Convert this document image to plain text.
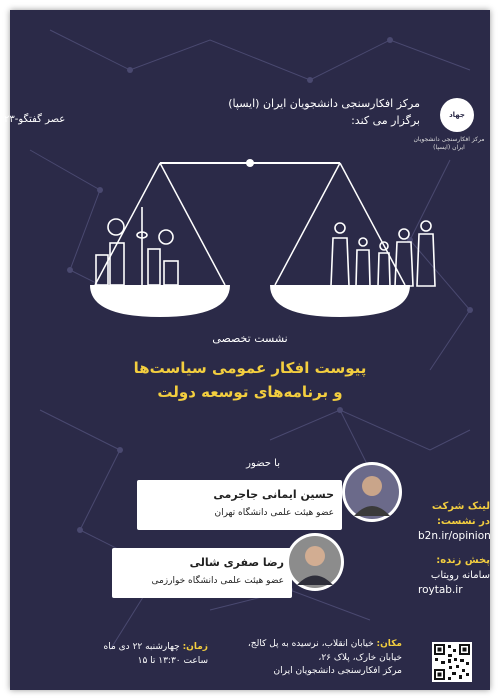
جهاد
مرکز افکارسنجی دانشجویان ایران (ایسپا)
مرکز افکارسنجی دانشجویان ایران (ایسپا)
برگزار می کند:
عصر گفتگو-۲۳
نشست تخصصی
پیوست افکار عمومی سیاست‌ها
و برنامه‌های توسعه دولت
با حضور
حسین ایمانی جاجرمی
عضو هیئت علمی دانشگاه تهران
رضا صفری شالی
عضو هیئت علمی دانشگاه خوارزمی
لینک شرکت
در نشست:
b2n.ir/opinion
پخش زنده:
سامانه رویتاب
roytab.ir
مکان: خیابان انقلاب، نرسیده به پل کالج،
خیابان خارک، پلاک ۲۶،
مرکز افکارسنجی دانشجویان ایران
زمان: چهارشنبه ۲۲ دی ماه
ساعت ۱۳:۳۰ تا ۱۵
